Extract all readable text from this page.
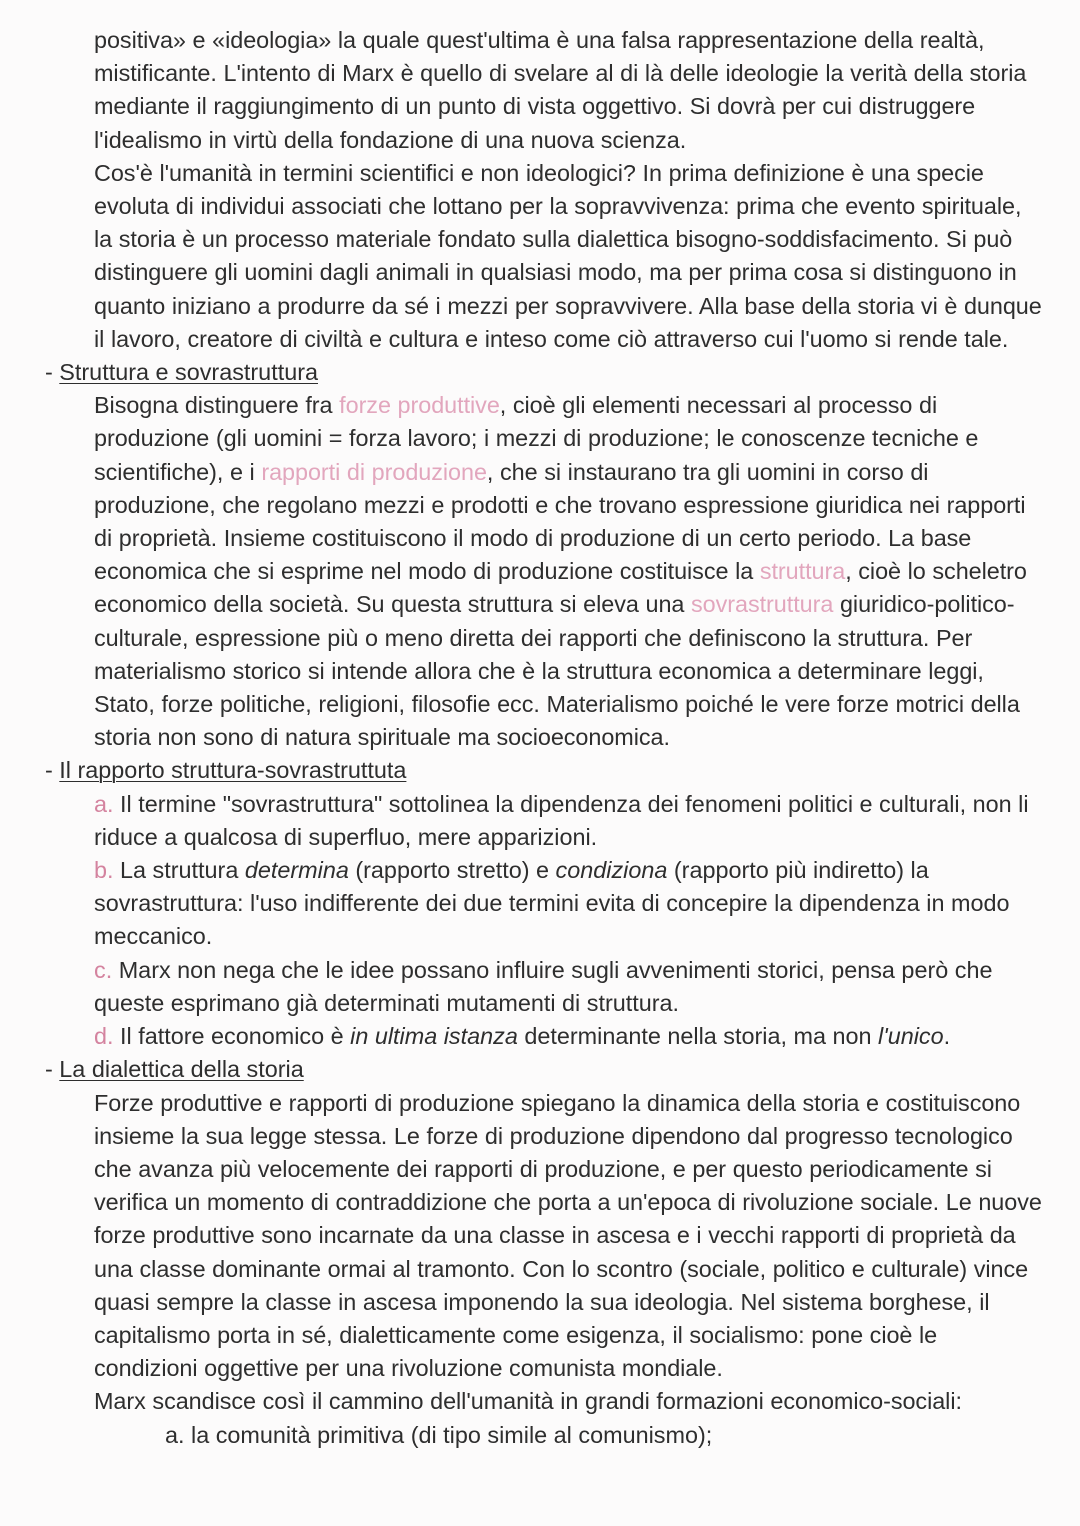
positiva» e «ideologia» la quale quest'ultima è una falsa rappresentazione della realtà, mistificante. L'intento di Marx è quello di svelare al di là delle ideologie la verità della storia mediante il raggiungimento di un punto di vista oggettivo. Si dovrà per cui distruggere l'idealismo in virtù della fondazione di una nuova scienza.

Cos'è l'umanità in termini scientifici e non ideologici? In prima definizione è una specie evoluta di individui associati che lottano per la sopravvivenza: prima che evento spirituale, la storia è un processo materiale fondato sulla dialettica bisogno-soddisfacimento. Si può distinguere gli uomini dagli animali in qualsiasi modo, ma per prima cosa si distinguono in quanto iniziano a produrre da sé i mezzi per sopravvivere. Alla base della storia vi è dunque il lavoro, creatore di civiltà e cultura e inteso come ciò attraverso cui l'uomo si rende tale.

- Struttura e sovrastruttura

Bisogna distinguere fra forze produttive, cioè gli elementi necessari al processo di produzione (gli uomini = forza lavoro; i mezzi di produzione; le conoscenze tecniche e scientifiche), e i rapporti di produzione, che si instaurano tra gli uomini in corso di produzione, che regolano mezzi e prodotti e che trovano espressione giuridica nei rapporti di proprietà. Insieme costituiscono il modo di produzione di un certo periodo. La base economica che si esprime nel modo di produzione costituisce la struttura, cioè lo scheletro economico della società. Su questa struttura si eleva una sovrastruttura giuridico-politico-culturale, espressione più o meno diretta dei rapporti che definiscono la struttura. Per materialismo storico si intende allora che è la struttura economica a determinare leggi, Stato, forze politiche, religioni, filosofie ecc. Materialismo poiché le vere forze motrici della storia non sono di natura spirituale ma socioeconomica.

- Il rapporto struttura-sovrastruttuta

a. Il termine "sovrastruttura" sottolinea la dipendenza dei fenomeni politici e culturali, non li riduce a qualcosa di superfluo, mere apparizioni.

b. La struttura determina (rapporto stretto) e condiziona (rapporto più indiretto) la sovrastruttura: l'uso indifferente dei due termini evita di concepire la dipendenza in modo meccanico.

c. Marx non nega che le idee possano influire sugli avvenimenti storici, pensa però che queste esprimano già determinati mutamenti di struttura.

d. Il fattore economico è in ultima istanza determinante nella storia, ma non l'unico.

- La dialettica della storia

Forze produttive e rapporti di produzione spiegano la dinamica della storia e costituiscono insieme la sua legge stessa. Le forze di produzione dipendono dal progresso tecnologico che avanza più velocemente dei rapporti di produzione, e per questo periodicamente si verifica un momento di contraddizione che porta a un'epoca di rivoluzione sociale. Le nuove forze produttive sono incarnate da una classe in ascesa e i vecchi rapporti di proprietà da una classe dominante ormai al tramonto. Con lo scontro (sociale, politico e culturale) vince quasi sempre la classe in ascesa imponendo la sua ideologia. Nel sistema borghese, il capitalismo porta in sé, dialetticamente come esigenza, il socialismo: pone cioè le condizioni oggettive per una rivoluzione comunista mondiale.

Marx scandisce così il cammino dell'umanità in grandi formazioni economico-sociali:

a. la comunità primitiva (di tipo simile al comunismo);
